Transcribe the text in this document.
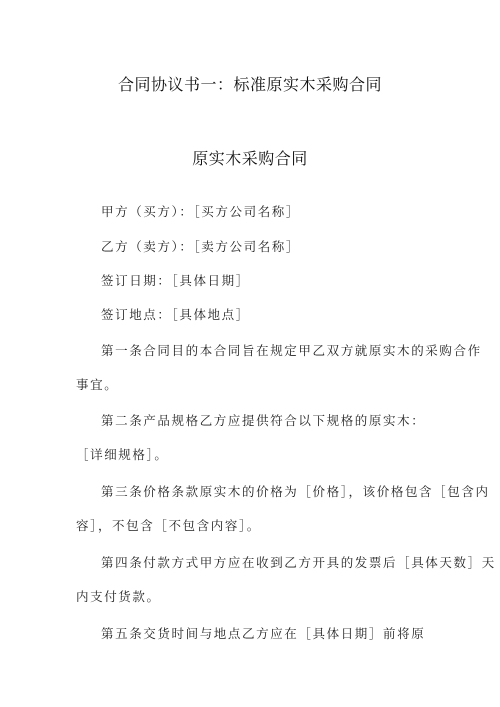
合同协议书一：标准原实木采购合同
原实木采购合同
甲方（买方）：［买方公司名称］
乙方（卖方）：［卖方公司名称］
签订日期：［具体日期］
签订地点：［具体地点］
第一条合同目的本合同旨在规定甲乙双方就原实木的采购合作
事宜。
第二条产品规格乙方应提供符合以下规格的原实木：
［详细规格］。
第三条价格条款原实木的价格为［价格］，该价格包含［包含内
容］，不包含［不包含内容］。
第四条付款方式甲方应在收到乙方开具的发票后［具体天数］天
内支付货款。
第五条交货时间与地点乙方应在［具体日期］前将原
